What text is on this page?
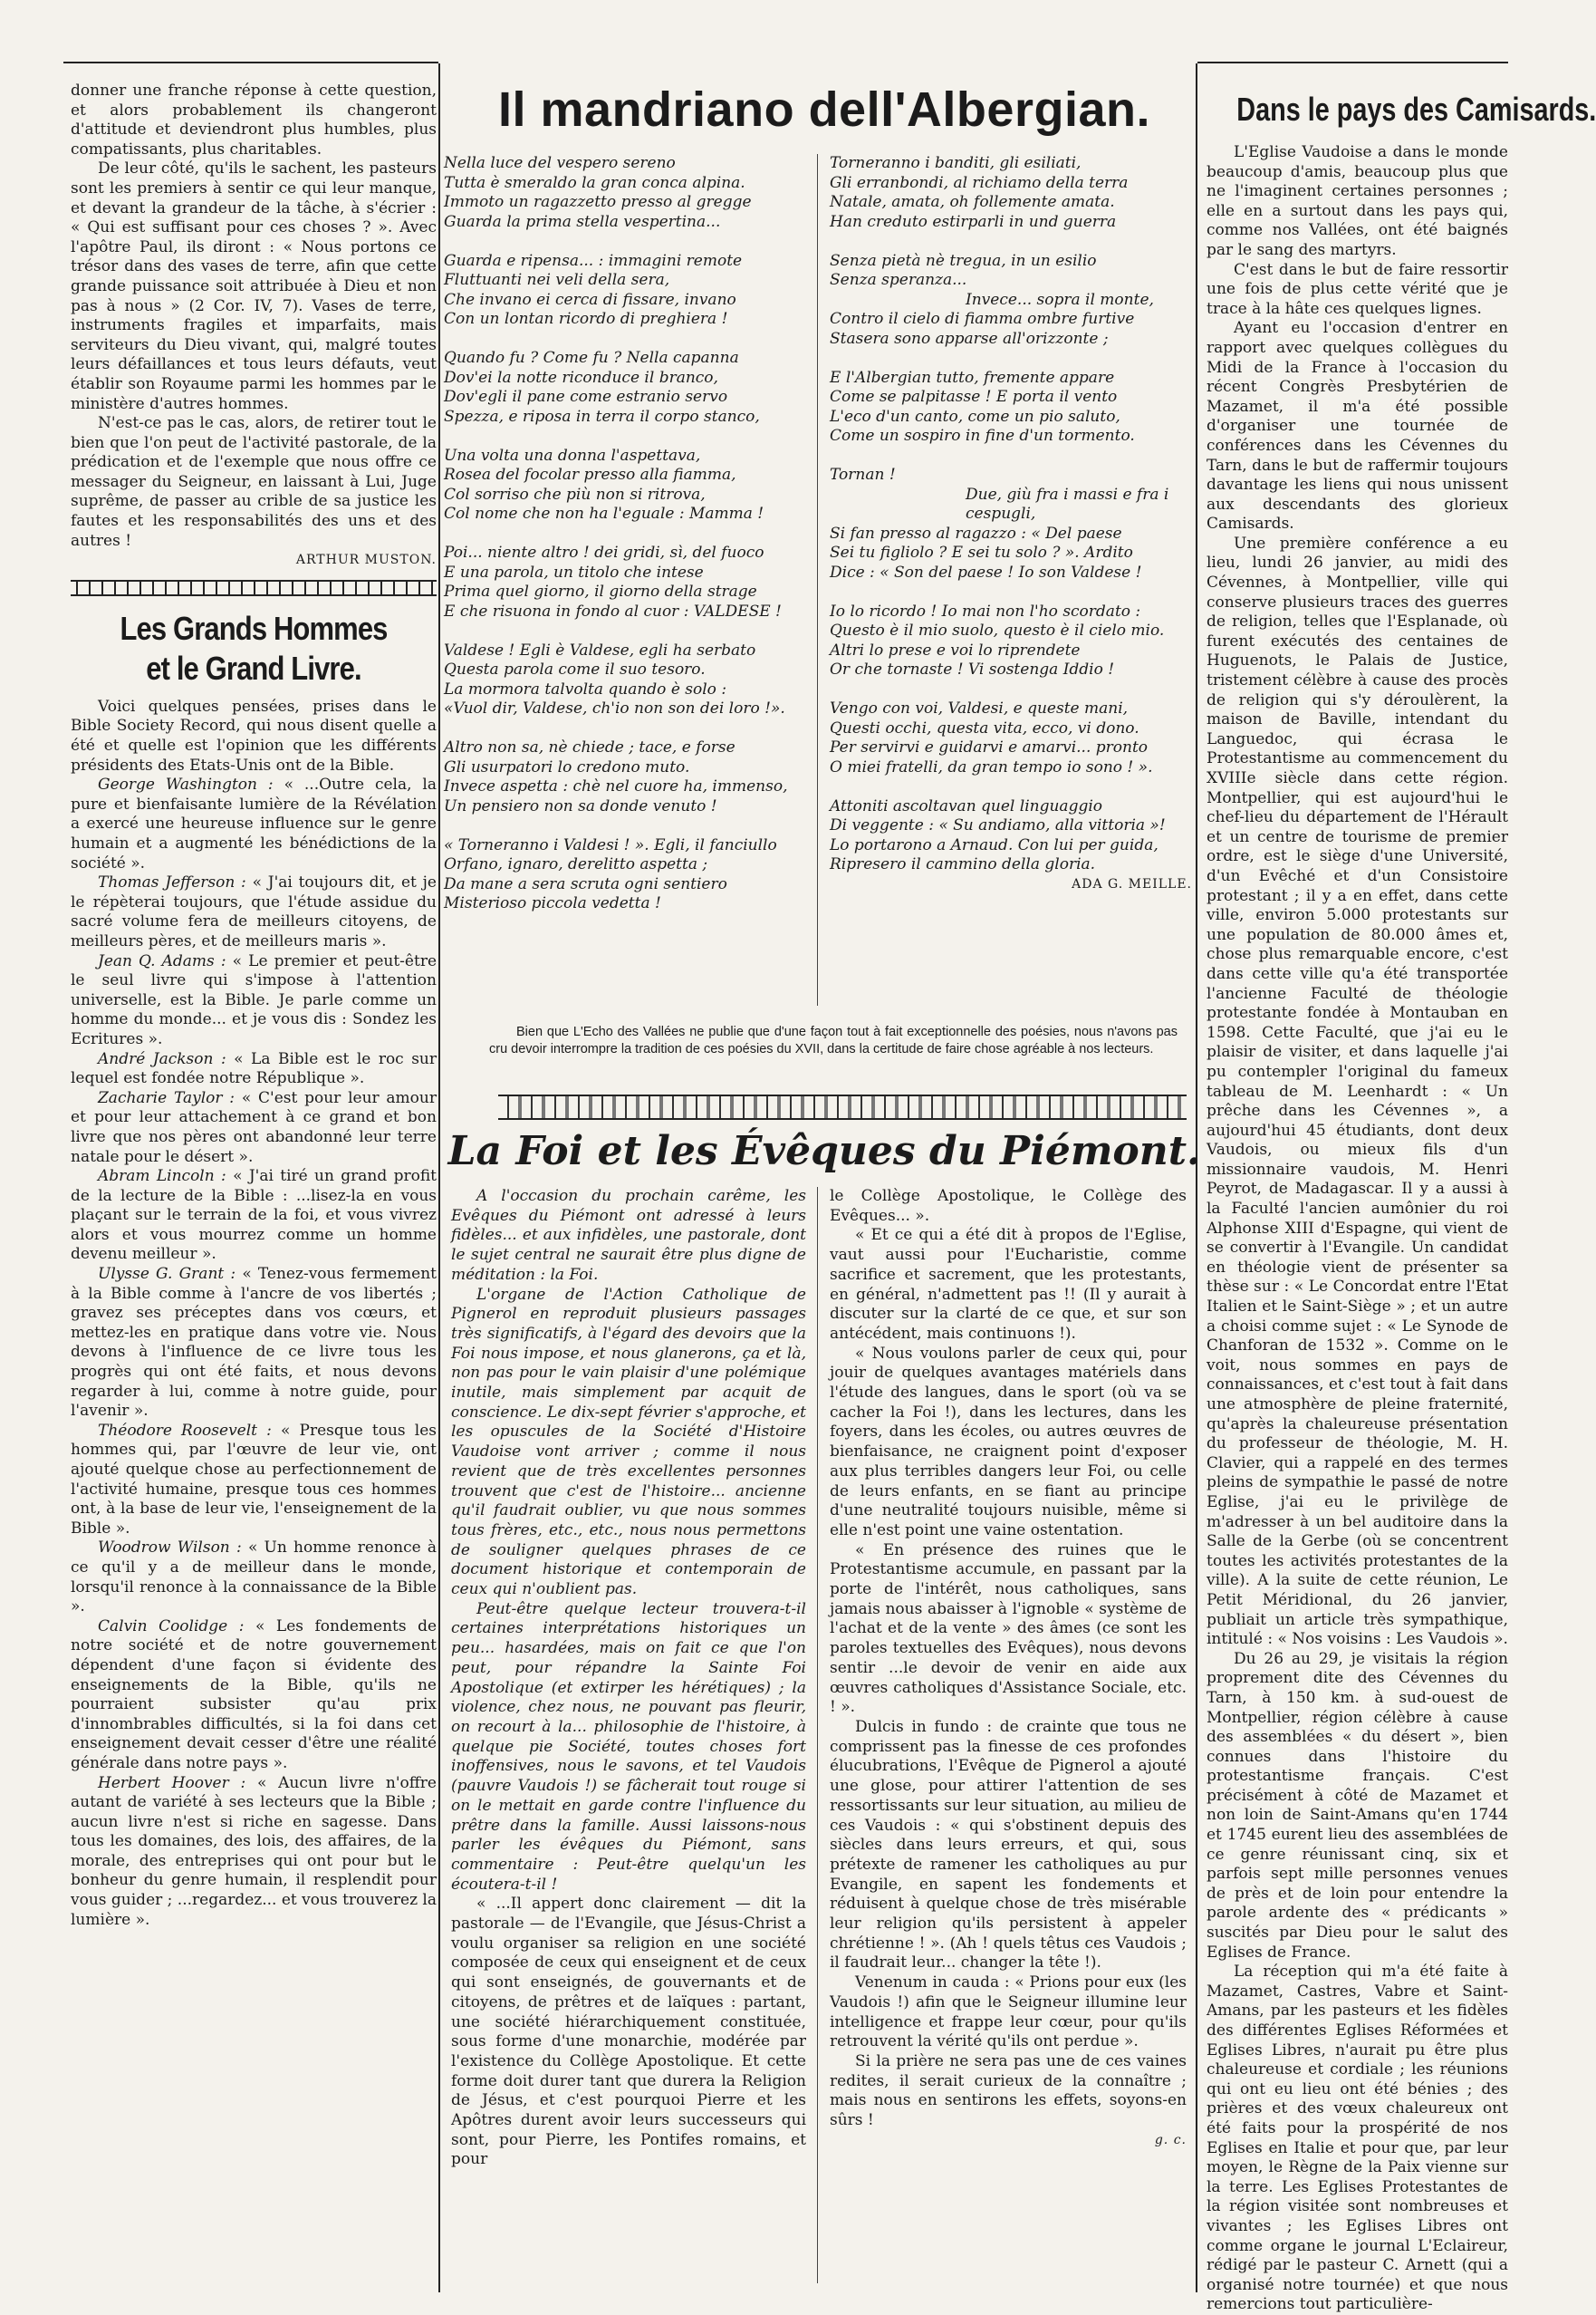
donner une franche réponse à cette question, et alors probablement ils changeront d'attitude et deviendront plus humbles, plus compatissants, plus charitables.

De leur côté, qu'ils le sachent, les pasteurs sont les premiers à sentir ce qui leur manque, et devant la grandeur de la tâche, à s'écrier : « Qui est suffisant pour ces choses ? ». Avec l'apôtre Paul, ils diront : « Nous portons ce trésor dans des vases de terre, afin que cette grande puissance soit attribuée à Dieu et non pas à nous » (2 Cor. IV, 7). Vases de terre, instruments fragiles et imparfaits, mais serviteurs du Dieu vivant, qui, malgré toutes leurs défaillances et tous leurs défauts, veut établir son Royaume parmi les hommes par le ministère d'autres hommes.

N'est-ce pas le cas, alors, de retirer tout le bien que l'on peut de l'activité pastorale, de la prédication et de l'exemple que nous offre ce messager du Seigneur, en laissant à Lui, Juge suprême, de passer au crible de sa justice les fautes et les responsabilités des uns et des autres !

ARTHUR MUSTON.
Les Grands Hommes
et le Grand Livre.

Voici quelques pensées, prises dans le Bible Society Record, qui nous disent quelle a été et quelle est l'opinion que les différents présidents des Etats-Unis ont de la Bible.

George Washington : « ...Outre cela, la pure et bienfaisante lumière de la Révélation a exercé une heureuse influence sur le genre humain et a augmenté les bénédictions de la société ».

Thomas Jefferson : « J'ai toujours dit, et je le répèterai toujours, que l'étude assidue du sacré volume fera de meilleurs citoyens, de meilleurs pères, et de meilleurs maris ».

Jean Q. Adams : « Le premier et peut-être le seul livre qui s'impose à l'attention universelle, est la Bible. Je parle comme un homme du monde... et je vous dis : Sondez les Ecritures ».

André Jackson : « La Bible est le roc sur lequel est fondée notre République ».

Zacharie Taylor : « C'est pour leur amour et pour leur attachement à ce grand et bon livre que nos pères ont abandonné leur terre natale pour le désert ».

Abram Lincoln : « J'ai tiré un grand profit de la lecture de la Bible : ...lisez-la en vous plaçant sur le terrain de la foi, et vous vivrez alors et vous mourrez comme un homme devenu meilleur ».

Ulysse G. Grant : « Tenez-vous fermement à la Bible comme à l'ancre de vos libertés ; gravez ses préceptes dans vos cœurs, et mettez-les en pratique dans votre vie. Nous devons à l'influence de ce livre tous les progrès qui ont été faits, et nous devons regarder à lui, comme à notre guide, pour l'avenir ».

Théodore Roosevelt : « Presque tous les hommes qui, par l'œuvre de leur vie, ont ajouté quelque chose au perfectionnement de l'activité humaine, presque tous ces hommes ont, à la base de leur vie, l'enseignement de la Bible ».

Woodrow Wilson : « Un homme renonce à ce qu'il y a de meilleur dans le monde, lorsqu'il renonce à la connaissance de la Bible ».

Calvin Coolidge : « Les fondements de notre société et de notre gouvernement dépendent d'une façon si évidente des enseignements de la Bible, qu'ils ne pourraient subsister qu'au prix d'innombrables difficultés, si la foi dans cet enseignement devait cesser d'être une réalité générale dans notre pays ».

Herbert Hoover : « Aucun livre n'offre autant de variété à ses lecteurs que la Bible ; aucun livre n'est si riche en sagesse. Dans tous les domaines, des lois, des affaires, de la morale, des entreprises qui ont pour but le bonheur du genre humain, il resplendit pour vous guider ; ...regardez... et vous trouverez la lumière ».

Il mandriano dell'Albergian.

Nella luce del vespero sereno

Tutta è smeraldo la gran conca alpina.

Immoto un ragazzetto presso al gregge

Guarda la prima stella vespertina...

Guarda e ripensa... : immagini remote

Fluttuanti nei veli della sera,

Che invano ei cerca di fissare, invano

Con un lontan ricordo di preghiera !

Quando fu ? Come fu ? Nella capanna

Dov'ei la notte riconduce il branco,

Dov'egli il pane come estranio servo

Spezza, e riposa in terra il corpo stanco,

Una volta una donna l'aspettava,

Rosea del focolar presso alla fiamma,

Col sorriso che più non si ritrova,

Col nome che non ha l'eguale : Mamma !

Poi... niente altro ! dei gridi, sì, del fuoco

E una parola, un titolo che intese

Prima quel giorno, il giorno della strage

E che risuona in fondo al cuor : VALDESE !

Valdese ! Egli è Valdese, egli ha serbato

Questa parola come il suo tesoro.

La mormora talvolta quando è solo :

«Vuol dir, Valdese, ch'io non son dei loro !».

Altro non sa, nè chiede ; tace, e forse

Gli usurpatori lo credono muto.

Invece aspetta : chè nel cuore ha, immenso,

Un pensiero non sa donde venuto !

« Torneranno i Valdesi ! ». Egli, il fanciullo

Orfano, ignaro, derelitto aspetta ;

Da mane a sera scruta ogni sentiero

Misterioso piccola vedetta !

Torneranno i banditi, gli esiliati,

Gli erranbondi, al richiamo della terra

Natale, amata, oh follemente amata.

Han creduto estirparli in und guerra

Senza pietà nè tregua, in un esilio

Senza speranza...

Invece... sopra il monte,

Contro il cielo di fiamma ombre furtive

Stasera sono apparse all'orizzonte ;

E l'Albergian tutto, fremente appare

Come se palpitasse ! E porta il vento

L'eco d'un canto, come un pio saluto,

Come un sospiro in fine d'un tormento.

Tornan !

Due, giù fra i massi e fra i cespugli,

Si fan presso al ragazzo : « Del paese

Sei tu figliolo ? E sei tu solo ? ». Ardito

Dice : « Son del paese ! Io son Valdese !

Io lo ricordo ! Io mai non l'ho scordato :

Questo è il mio suolo, questo è il cielo mio.

Altri lo prese e voi lo riprendete

Or che tornaste ! Vi sostenga Iddio !

Vengo con voi, Valdesi, e queste mani,

Questi occhi, questa vita, ecco, vi dono.

Per servirvi e guidarvi e amarvi... pronto

O miei fratelli, da gran tempo io sono ! ».

Attoniti ascoltavan quel linguaggio

Di veggente : « Su andiamo, alla vittoria »!

Lo portarono a Arnaud. Con lui per guida,

Ripresero il cammino della gloria.

ADA G. MEILLE.

Bien que L'Echo des Vallées ne publie que d'une façon tout à fait exceptionnelle des poésies, nous n'avons pas cru devoir interrompre la tradition de ces poésies du XVII, dans la certitude de faire chose agréable à nos lecteurs.

La Foi et les Évêques du Piémont.

A l'occasion du prochain carême, les Evêques du Piémont ont adressé à leurs fidèles... et aux infidèles, une pastorale, dont le sujet central ne saurait être plus digne de méditation : la Foi.

L'organe de l'Action Catholique de Pignerol en reproduit plusieurs passages très significatifs, à l'égard des devoirs que la Foi nous impose, et nous glanerons, ça et là, non pas pour le vain plaisir d'une polémique inutile, mais simplement par acquit de conscience. Le dix-sept février s'approche, et les opuscules de la Société d'Histoire Vaudoise vont arriver ; comme il nous revient que de très excellentes personnes trouvent que c'est de l'histoire... ancienne qu'il faudrait oublier, vu que nous sommes tous frères, etc., etc., nous nous permettons de souligner quelques phrases de ce document historique et contemporain de ceux qui n'oublient pas.

Peut-être quelque lecteur trouvera-t-il certaines interprétations historiques un peu... hasardées, mais on fait ce que l'on peut, pour répandre la Sainte Foi Apostolique (et extirper les hérétiques) ; la violence, chez nous, ne pouvant pas fleurir, on recourt à la... philosophie de l'histoire, à quelque pie Société, toutes choses fort inoffensives, nous le savons, et tel Vaudois (pauvre Vaudois !) se fâcherait tout rouge si on le mettait en garde contre l'influence du prêtre dans la famille. Aussi laissons-nous parler les évêques du Piémont, sans commentaire : Peut-être quelqu'un les écoutera-t-il !

« ...Il appert donc clairement — dit la pastorale — de l'Evangile, que Jésus-Christ a voulu organiser sa religion en une société composée de ceux qui enseignent et de ceux qui sont enseignés, de gouvernants et de citoyens, de prêtres et de laïques : partant, une société hiérarchiquement constituée, sous forme d'une monarchie, modérée par l'existence du Collège Apostolique. Et cette forme doit durer tant que durera la Religion de Jésus, et c'est pourquoi Pierre et les Apôtres durent avoir leurs successeurs qui sont, pour Pierre, les Pontifes romains, et pour

le Collège Apostolique, le Collège des Evêques... ».

« Et ce qui a été dit à propos de l'Eglise, vaut aussi pour l'Eucharistie, comme sacrifice et sacrement, que les protestants, en général, n'admettent pas !! (Il y aurait à discuter sur la clarté de ce que, et sur son antécédent, mais continuons !).

« Nous voulons parler de ceux qui, pour jouir de quelques avantages matériels dans l'étude des langues, dans le sport (où va se cacher la Foi !), dans les lectures, dans les foyers, dans les écoles, ou autres œuvres de bienfaisance, ne craignent point d'exposer aux plus terribles dangers leur Foi, ou celle de leurs enfants, en se fiant au principe d'une neutralité toujours nuisible, même si elle n'est point une vaine ostentation.

« En présence des ruines que le Protestantisme accumule, en passant par la porte de l'intérêt, nous catholiques, sans jamais nous abaisser à l'ignoble « système de l'achat et de la vente » des âmes (ce sont les paroles textuelles des Evêques), nous devons sentir ...le devoir de venir en aide aux œuvres catholiques d'Assistance Sociale, etc. ! ».

Dulcis in fundo : de crainte que tous ne comprissent pas la finesse de ces profondes élucubrations, l'Evêque de Pignerol a ajouté une glose, pour attirer l'attention de ses ressortissants sur leur situation, au milieu de ces Vaudois : « qui s'obstinent depuis des siècles dans leurs erreurs, et qui, sous prétexte de ramener les catholiques au pur Evangile, en sapent les fondements et réduisent à quelque chose de très misérable leur religion qu'ils persistent à appeler chrétienne ! ». (Ah ! quels têtus ces Vaudois ; il faudrait leur... changer la tête !).

Venenum in cauda : « Prions pour eux (les Vaudois !) afin que le Seigneur illumine leur intelligence et frappe leur cœur, pour qu'ils retrouvent la vérité qu'ils ont perdue ».

Si la prière ne sera pas une de ces vaines redites, il serait curieux de la connaître ; mais nous en sentirons les effets, soyons-en sûrs !

g. c.
Dans le pays des Camisards.

L'Eglise Vaudoise a dans le monde beaucoup d'amis, beaucoup plus que ne l'imaginent certaines personnes ; elle en a surtout dans les pays qui, comme nos Vallées, ont été baignés par le sang des martyrs.

C'est dans le but de faire ressortir une fois de plus cette vérité que je trace à la hâte ces quelques lignes.

Ayant eu l'occasion d'entrer en rapport avec quelques collègues du Midi de la France à l'occasion du récent Congrès Presbytérien de Mazamet, il m'a été possible d'organiser une tournée de conférences dans les Cévennes du Tarn, dans le but de raffermir toujours davantage les liens qui nous unissent aux descendants des glorieux Camisards.

Une première conférence a eu lieu, lundi 26 janvier, au midi des Cévennes, à Montpellier, ville qui conserve plusieurs traces des guerres de religion, telles que l'Esplanade, où furent exécutés des centaines de Huguenots, le Palais de Justice, tristement célèbre à cause des procès de religion qui s'y déroulèrent, la maison de Baville, intendant du Languedoc, qui écrasa le Protestantisme au commencement du XVIIIe siècle dans cette région. Montpellier, qui est aujourd'hui le chef-lieu du département de l'Hérault et un centre de tourisme de premier ordre, est le siège d'une Université, d'un Evêché et d'un Consistoire protestant ; il y a en effet, dans cette ville, environ 5.000 protestants sur une population de 80.000 âmes et, chose plus remarquable encore, c'est dans cette ville qu'a été transportée l'ancienne Faculté de théologie protestante fondée à Montauban en 1598. Cette Faculté, que j'ai eu le plaisir de visiter, et dans laquelle j'ai pu contempler l'original du fameux tableau de M. Leenhardt : « Un prêche dans les Cévennes », a aujourd'hui 45 étudiants, dont deux Vaudois, ou mieux fils d'un missionnaire vaudois, M. Henri Peyrot, de Madagascar. Il y a aussi à la Faculté l'ancien aumônier du roi Alphonse XIII d'Espagne, qui vient de se convertir à l'Evangile. Un candidat en théologie vient de présenter sa thèse sur : « Le Concordat entre l'Etat Italien et le Saint-Siège » ; et un autre a choisi comme sujet : « Le Synode de Chanforan de 1532 ». Comme on le voit, nous sommes en pays de connaissances, et c'est tout à fait dans une atmosphère de pleine fraternité, qu'après la chaleureuse présentation du professeur de théologie, M. H. Clavier, qui a rappelé en des termes pleins de sympathie le passé de notre Eglise, j'ai eu le privilège de m'adresser à un bel auditoire dans la Salle de la Gerbe (où se concentrent toutes les activités protestantes de la ville). A la suite de cette réunion, Le Petit Méridional, du 26 janvier, publiait un article très sympathique, intitulé : « Nos voisins : Les Vaudois ».

Du 26 au 29, je visitais la région proprement dite des Cévennes du Tarn, à 150 km. à sud-ouest de Montpellier, région célèbre à cause des assemblées « du désert », bien connues dans l'histoire du protestantisme français. C'est précisément à côté de Mazamet et non loin de Saint-Amans qu'en 1744 et 1745 eurent lieu des assemblées de ce genre réunissant cinq, six et parfois sept mille personnes venues de près et de loin pour entendre la parole ardente des « prédicants » suscités par Dieu pour le salut des Eglises de France.

La réception qui m'a été faite à Mazamet, Castres, Vabre et Saint-Amans, par les pasteurs et les fidèles des différentes Eglises Réformées et Eglises Libres, n'aurait pu être plus chaleureuse et cordiale ; les réunions qui ont eu lieu ont été bénies ; des prières et des vœux chaleureux ont été faits pour la prospérité de nos Eglises en Italie et pour que, par leur moyen, le Règne de la Paix vienne sur la terre. Les Eglises Protestantes de la région visitée sont nombreuses et vivantes ; les Eglises Libres ont comme organe le journal L'Eclaireur, rédigé par le pasteur C. Arnett (qui a organisé notre tournée) et que nous remercions tout particulière-
